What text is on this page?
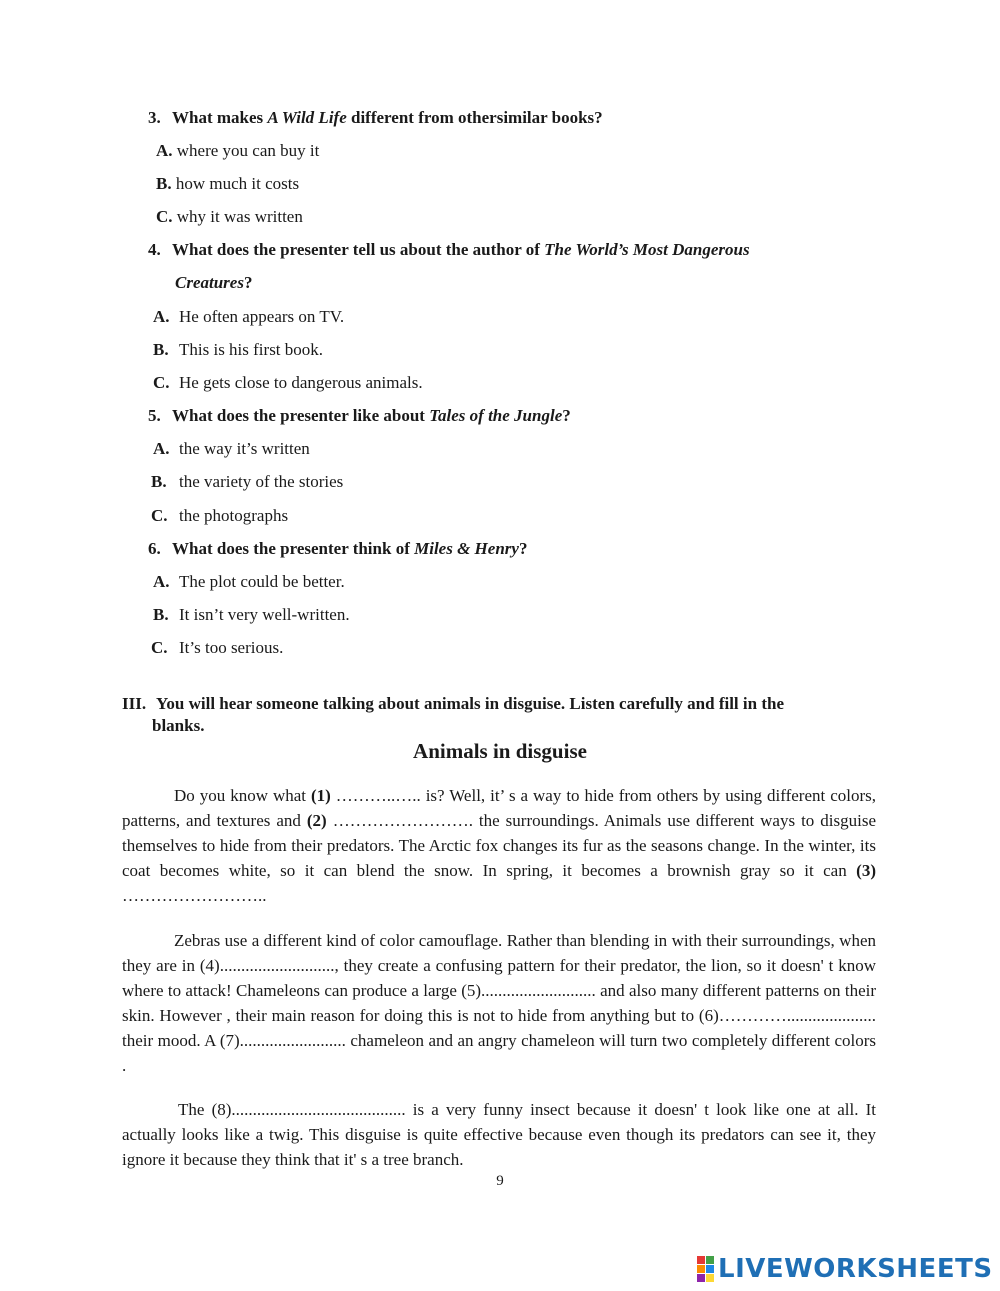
3. What makes A Wild Life different from othersimilar books?
A. where you can buy it
B. how much it costs
C. why it was written
4. What does the presenter tell us about the author of The World’s Most Dangerous
Creatures?
A. He often appears on TV.
B. This is his first book.
C. He gets close to dangerous animals.
5. What does the presenter like about Tales of the Jungle?
A. the way it’s written
B. the variety of the stories
C. the photographs
6. What does the presenter think of Miles & Henry?
A. The plot could be better.
B. It isn’t very well-written.
C. It’s too serious.
III. You will hear someone talking about animals in disguise. Listen carefully and fill in the
blanks.
Animals in disguise

Do you know what (1) ………..….. is? Well, it’ s a way to hide from others by using different colors, patterns, and textures and (2) ……………………. the surroundings. Animals use different ways to disguise themselves to hide from their predators. The Arctic fox changes its fur as the seasons change. In the winter, its coat becomes white, so it can blend the snow. In spring, it becomes a brownish gray so it can (3) ……………………..

Zebras use a different kind of color camouflage. Rather than blending in with their surroundings, when they are in (4)..........................., they create a confusing pattern for their predator, the lion, so it doesn' t know where to attack! Chameleons can produce a large (5)........................... and also many different patterns on their skin. However , their main reason for doing this is not to hide from anything but to (6)…………..................... their mood. A (7)......................... chameleon and an angry chameleon will turn two completely different colors .

The (8)......................................... is a very funny insect because it doesn' t look like one at all. It actually looks like a twig. This disguise is quite effective because even though its predators can see it, they ignore it because they think that it' s a tree branch.

9
LIVEWORKSHEETS
